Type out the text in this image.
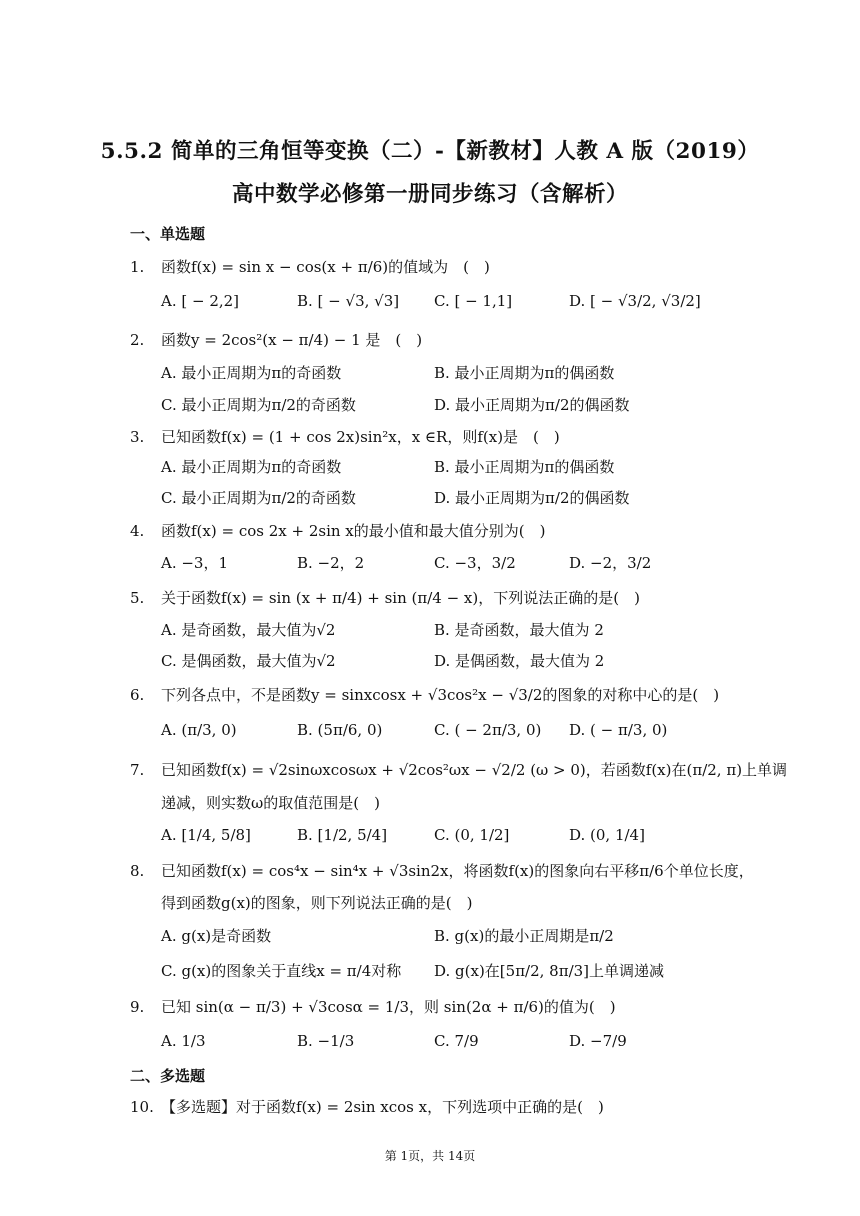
5.5.2 简单的三角恒等变换（二）-【新教材】人教 A 版（2019）
高中数学必修第一册同步练习（含解析）
一、单选题
1. 函数f(x) = sin x − cos(x + π/6)的值域为　(　)
A. [ − 2,2]	B. [ − √3, √3] C. [ − 1,1]	D. [ − √3/2, √3/2]
2. 函数y = 2cos²(x − π/4) − 1 是　(　)
A. 最小正周期为π的奇函数	B. 最小正周期为π的偶函数
C. 最小正周期为π/2的奇函数	D. 最小正周期为π/2的偶函数
3. 已知函数f(x) = (1 + cos 2x)sin²x，x ∈R，则f(x)是　(　)
A. 最小正周期为π的奇函数	B. 最小正周期为π的偶函数
C. 最小正周期为π/2的奇函数	D. 最小正周期为π/2的偶函数
4. 函数f(x) = cos 2x + 2sin x的最小值和最大值分别为(　)
A. −3，1	B. −2，2	C. −3，3/2	D. −2，3/2
5. 关于函数f(x) = sin (x + π/4) + sin (π/4 − x)，下列说法正确的是(　)
A. 是奇函数，最大值为√2	B. 是奇函数，最大值为 2
C. 是偶函数，最大值为√2	D. 是偶函数，最大值为 2
6. 下列各点中，不是函数y = sinxcosx + √3cos²x − √3/2的图象的对称中心的是(　)
A. (π/3, 0)	B. (5π/6, 0)	C. ( − 2π/3, 0) D. ( − π/3, 0)
7. 已知函数f(x) = √2sinωxcosωx + √2cos²ωx − √2/2 (ω > 0)，若函数f(x)在(π/2, π)上单调
递减，则实数ω的取值范围是(　)
A. [1/4, 5/8]	B. [1/2, 5/4]	C. (0, 1/2]	D. (0, 1/4]
8. 已知函数f(x) = cos⁴x − sin⁴x + √3sin2x，将函数f(x)的图象向右平移π/6个单位长度，
得到函数g(x)的图象，则下列说法正确的是(　)
A. g(x)是奇函数	B. g(x)的最小正周期是π/2
C. g(x)的图象关于直线x = π/4对称 D. g(x)在[5π/2, 8π/3]上单调递减
9. 已知 sin(α − π/3) + √3cosα = 1/3，则 sin(2α + π/6)的值为(　)
A. 1/3	B. −1/3	C. 7/9	D. −7/9
二、多选题
10. 【多选题】对于函数f(x) = 2sin xcos x，下列选项中正确的是(　)
第 1页，共 14页
